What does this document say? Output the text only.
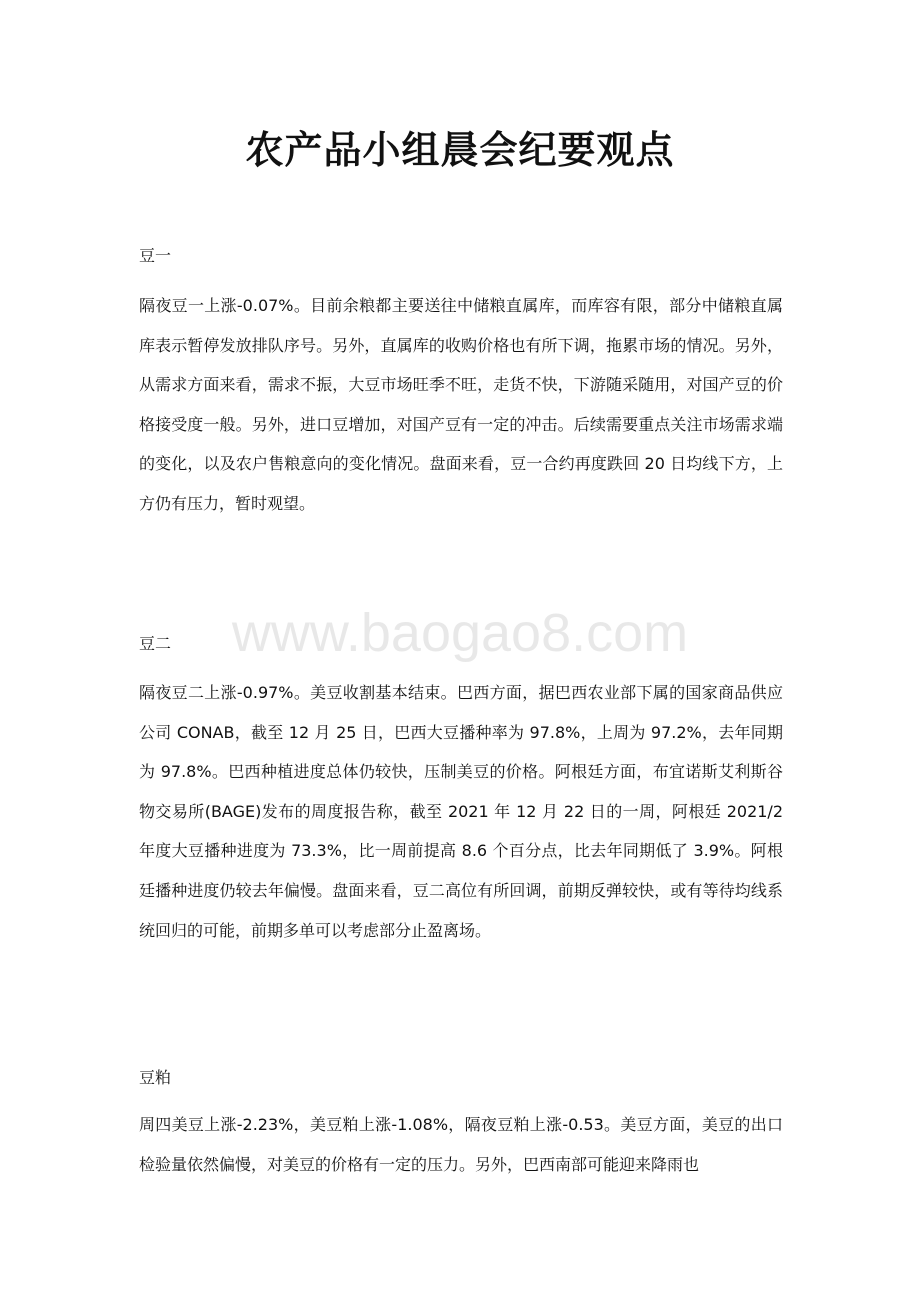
农产品小组晨会纪要观点
www.baogao8.com
豆一

隔夜豆一上涨-0.07%。目前余粮都主要送往中储粮直属库，而库容有限，部分中储粮直属库表示暂停发放排队序号。另外，直属库的收购价格也有所下调，拖累市场的情况。另外，从需求方面来看，需求不振，大豆市场旺季不旺，走货不快，下游随采随用，对国产豆的价格接受度一般。另外，进口豆增加，对国产豆有一定的冲击。后续需要重点关注市场需求端的变化，以及农户售粮意向的变化情况。盘面来看，豆一合约再度跌回 20 日均线下方，上方仍有压力，暂时观望。

豆二

隔夜豆二上涨-0.97%。美豆收割基本结束。巴西方面，据巴西农业部下属的国家商品供应公司 CONAB，截至 12 月 25 日，巴西大豆播种率为 97.8%，上周为 97.2%，去年同期为 97.8%。巴西种植进度总体仍较快，压制美豆的价格。阿根廷方面，布宜诺斯艾利斯谷物交易所(BAGE)发布的周度报告称，截至 2021 年 12 月 22 日的一周，阿根廷 2021/2 年度大豆播种进度为 73.3%，比一周前提高 8.6 个百分点，比去年同期低了 3.9%。阿根廷播种进度仍较去年偏慢。盘面来看，豆二高位有所回调，前期反弹较快，或有等待均线系统回归的可能，前期多单可以考虑部分止盈离场。

豆粕

周四美豆上涨-2.23%，美豆粕上涨-1.08%，隔夜豆粕上涨-0.53。美豆方面，美豆的出口检验量依然偏慢，对美豆的价格有一定的压力。另外，巴西南部可能迎来降雨也
